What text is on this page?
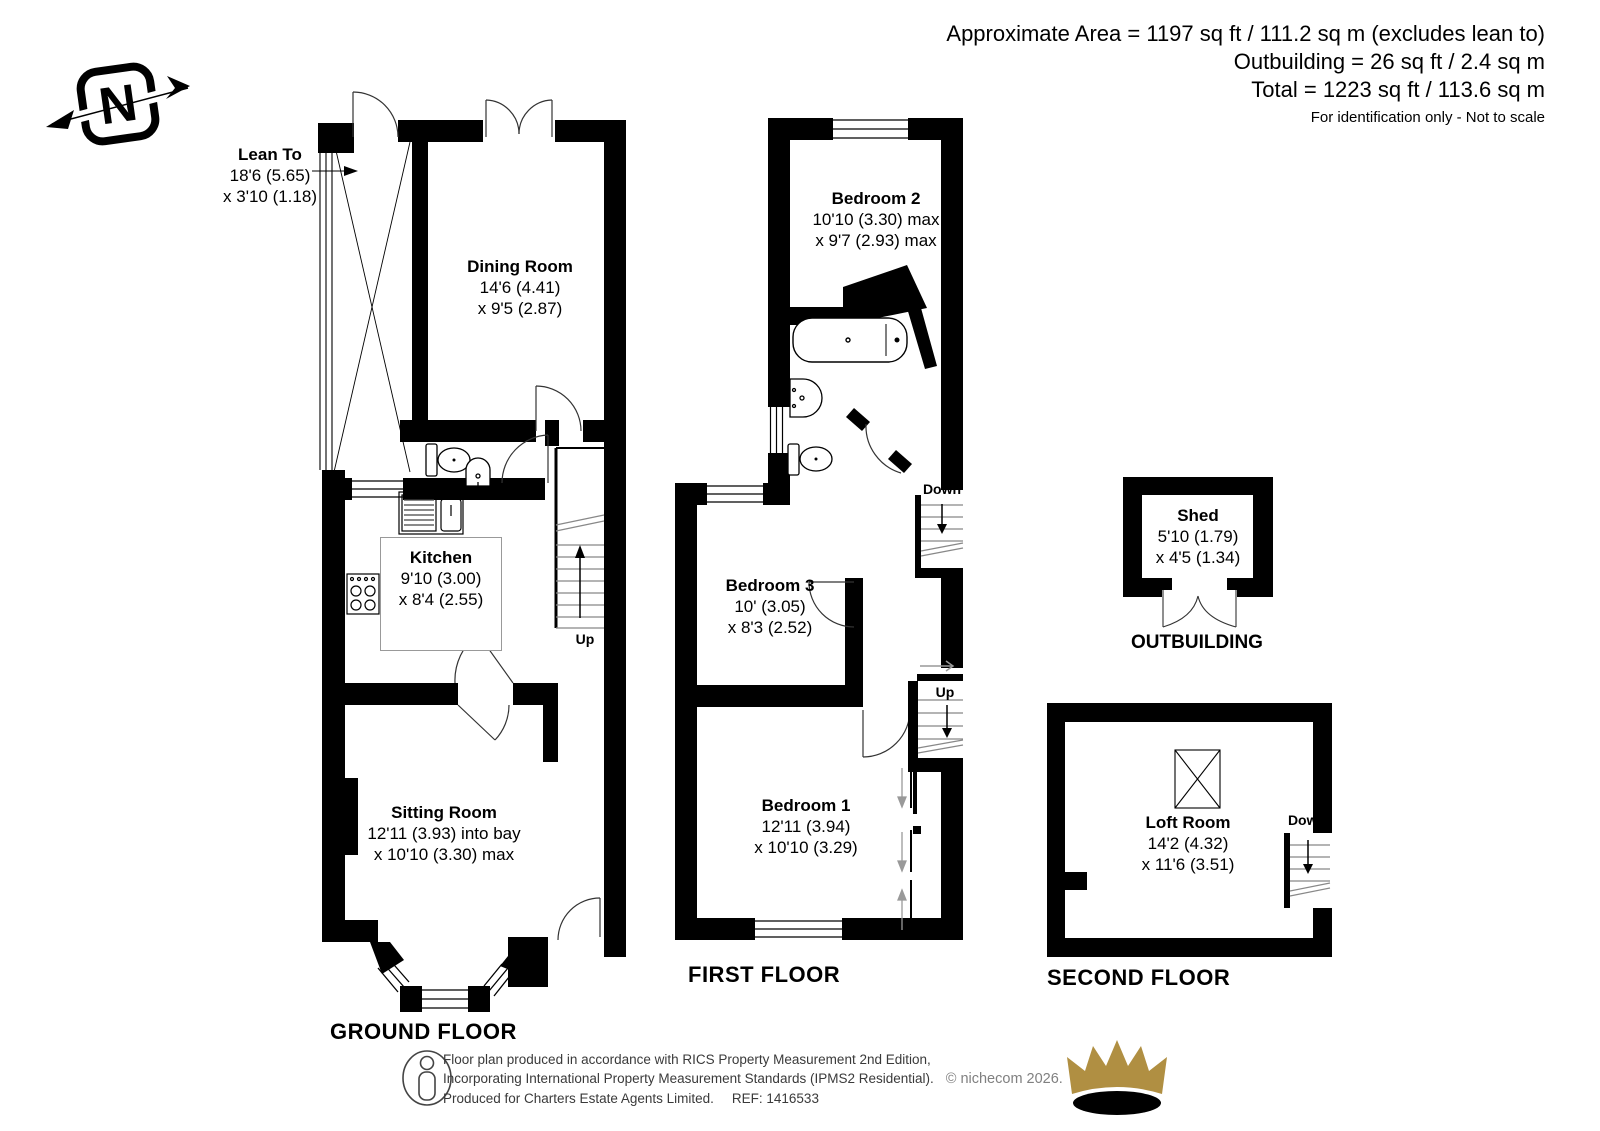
N
Approximate Area = 1197 sq ft / 111.2 sq m (excludes lean to)
Outbuilding = 26 sq ft / 2.4 sq m
Total = 1223 sq ft / 113.6 sq m
For identification only - Not to scale
Lean To
18'6 (5.65)
x 3'10 (1.18)
Dining Room
14'6 (4.41)
x 9'5 (2.87)
Kitchen
9'10 (3.00)
x 8'4 (2.55)
Sitting Room
12'11 (3.93) into bay
x 10'10 (3.30) max
Bedroom 2
10'10 (3.30) max
x 9'7 (2.93) max
Bedroom 3
10' (3.05)
x 8'3 (2.52)
Bedroom 1
12'11 (3.94)
x 10'10 (3.29)
Shed
5'10 (1.79)
x 4'5 (1.34)
Loft Room
14'2 (4.32)
x 11'6 (3.51)
Up
Down
Up
Down
GROUND FLOOR
FIRST FLOOR	SECOND FLOOR
OUTBUILDING
Floor plan produced in accordance with RICS Property Measurement 2nd Edition,
Incorporating International Property Measurement Standards (IPMS2 Residential). © nichecom 2026.
Produced for Charters Estate Agents Limited. REF: 1416533
